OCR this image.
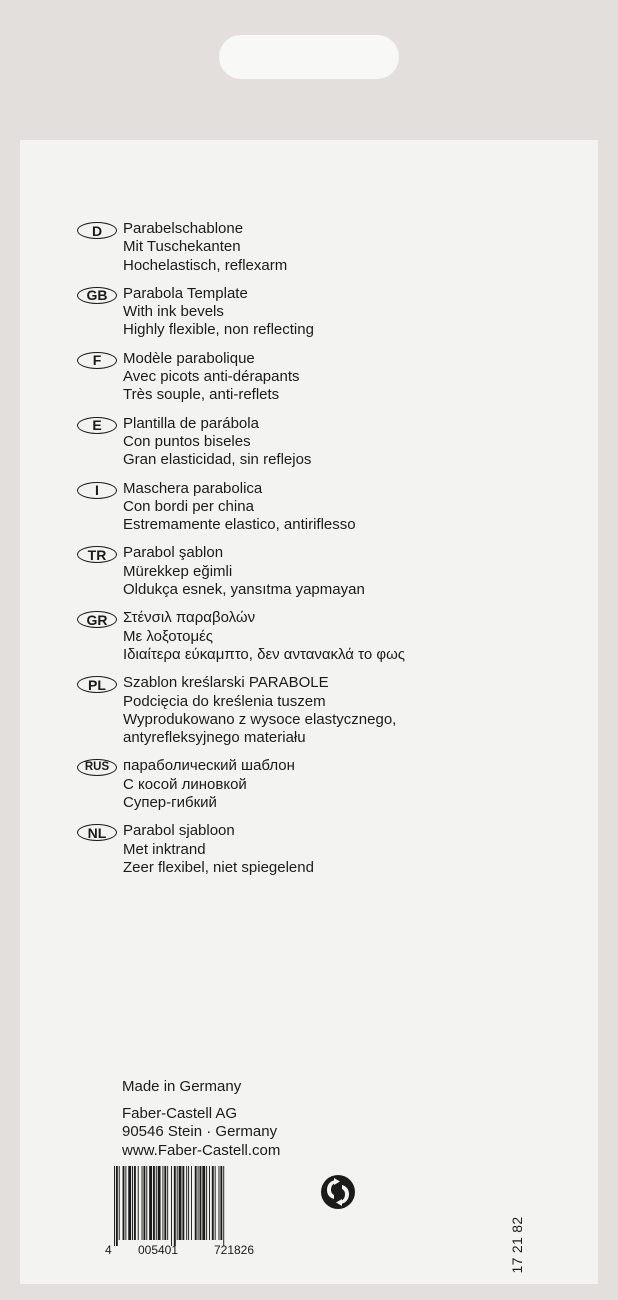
D	Parabelschablone
Mit Tuschekanten
Hochelastisch, reflexarm
GB	Parabola Template
With ink bevels
Highly flexible, non reflecting
F	Modèle parabolique
Avec picots anti-dérapants
Très souple, anti-reflets
E	Plantilla de parábola
Con puntos biseles
Gran elasticidad, sin reflejos
I	Maschera parabolica
Con bordi per china
Estremamente elastico, antiriflesso
TR	Parabol şablon
Mürekkep eğimli
Oldukça esnek, yansıtma yapmayan
GR	Στένσιλ παραβολών
Με λοξοτομές
Ιδιαίτερα εύκαμπτο, δεν αντανακλά το φως
PL	Szablon kreślarski PARABOLE
Podcięcia do kreślenia tuszem
Wyprodukowano z wysoce elastycznego,
antyrefleksyjnego materiału
RUS параболический шаблон
С косой линовкой
Супер-гибкий
NL	Parabol sjabloon
Met inktrand
Zeer flexibel, niet spiegelend
Made in Germany
Faber-Castell AG
90546 Stein · Germany
www.Faber-Castell.com
4 005401	721826	17 21 82
